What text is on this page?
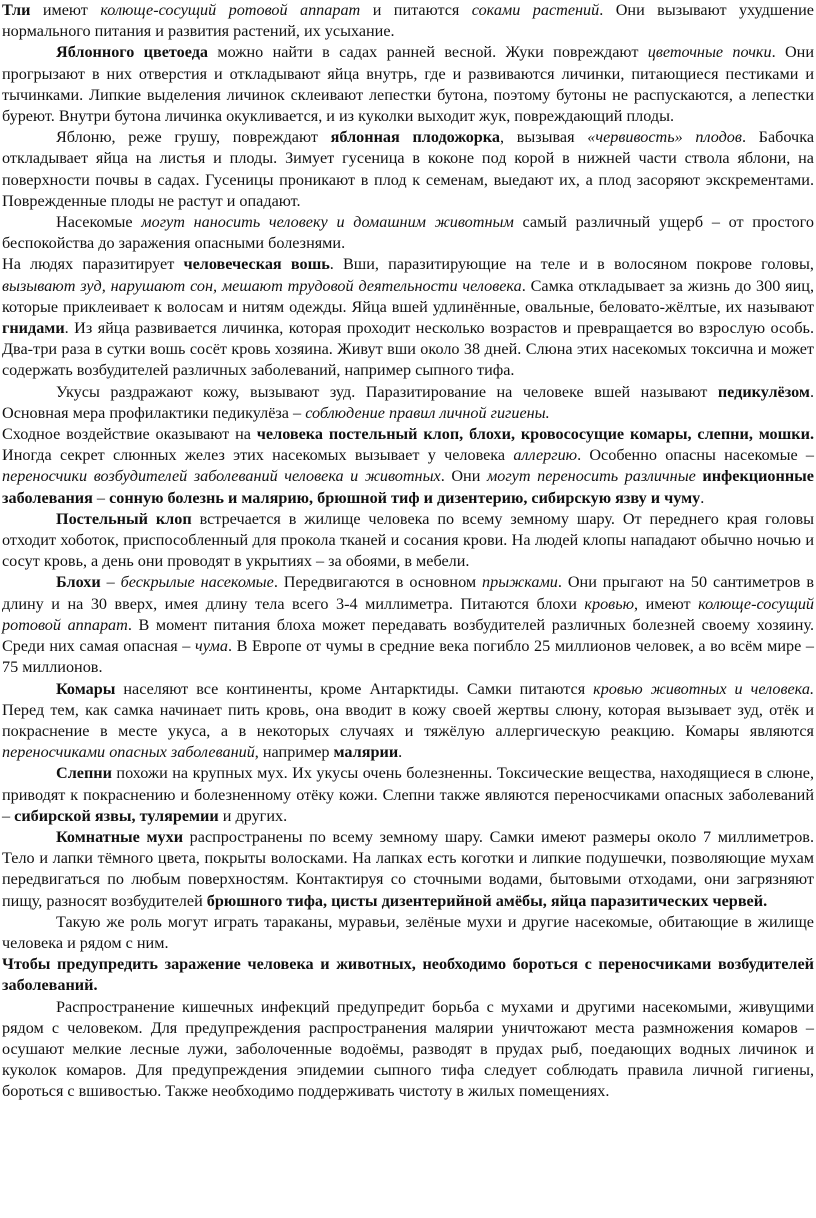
Тли имеют колюще-сосущий ротовой аппарат и питаются соками растений. Они вызывают ухудшение нормального питания и развития растений, их усыхание.

Яблонного цветоеда можно найти в садах ранней весной. Жуки повреждают цветочные почки. Они прогрызают в них отверстия и откладывают яйца внутрь, где и развиваются личинки, питающиеся пестиками и тычинками. Липкие выделения личинок склеивают лепестки бутона, поэтому бутоны не распускаются, а лепестки буреют. Внутри бутона личинка окукливается, и из куколки выходит жук, повреждающий плоды.

Яблоню, реже грушу, повреждают яблонная плодожорка, вызывая «червивость» плодов. Бабочка откладывает яйца на листья и плоды. Зимует гусеница в коконе под корой в нижней части ствола яблони, на поверхности почвы в садах. Гусеницы проникают в плод к семенам, выедают их, а плод засоряют экскрементами. Поврежденные плоды не растут и опадают.

Насекомые могут наносить человеку и домашним животным самый различный ущерб – от простого беспокойства до заражения опасными болезнями.

На людях паразитирует человеческая вошь. Вши, паразитирующие на теле и в волосяном покрове головы, вызывают зуд, нарушают сон, мешают трудовой деятельности человека. Самка откладывает за жизнь до 300 яиц, которые приклеивает к волосам и нитям одежды. Яйца вшей удлинённые, овальные, беловато-жёлтые, их называют гнидами. Из яйца развивается личинка, которая проходит несколько возрастов и превращается во взрослую особь. Два-три раза в сутки вошь сосёт кровь хозяина. Живут вши около 38 дней. Слюна этих насекомых токсична и может содержать возбудителей различных заболеваний, например сыпного тифа.

Укусы раздражают кожу, вызывают зуд. Паразитирование на человеке вшей называют педикулёзом. Основная мера профилактики педикулёза – соблюдение правил личной гигиены.

Сходное воздействие оказывают на человека постельный клоп, блохи, кровососущие комары, слепни, мошки. Иногда секрет слюнных желез этих насекомых вызывает у человека аллергию. Особенно опасны насекомые – переносчики возбудителей заболеваний человека и животных. Они могут переносить различные инфекционные заболевания – сонную болезнь и малярию, брюшной тиф и дизентерию, сибирскую язву и чуму.

Постельный клоп встречается в жилище человека по всему земному шару. От переднего края головы отходит хоботок, приспособленный для прокола тканей и сосания крови. На людей клопы нападают обычно ночью и сосут кровь, а день они проводят в укрытиях – за обоями, в мебели.

Блохи – бескрылые насекомые. Передвигаются в основном прыжками. Они прыгают на 50 сантиметров в длину и на 30 вверх, имея длину тела всего 3-4 миллиметра. Питаются блохи кровью, имеют колюще-сосущий ротовой аппарат. В момент питания блоха может передавать возбудителей различных болезней своему хозяину. Среди них самая опасная – чума. В Европе от чумы в средние века погибло 25 миллионов человек, а во всём мире – 75 миллионов.

Комары населяют все континенты, кроме Антарктиды. Самки питаются кровью животных и человека. Перед тем, как самка начинает пить кровь, она вводит в кожу своей жертвы слюну, которая вызывает зуд, отёк и покраснение в месте укуса, а в некоторых случаях и тяжёлую аллергическую реакцию. Комары являются переносчиками опасных заболеваний, например малярии.

Слепни похожи на крупных мух. Их укусы очень болезненны. Токсические вещества, находящиеся в слюне, приводят к покраснению и болезненному отёку кожи. Слепни также являются переносчиками опасных заболеваний – сибирской язвы, туляремии и других.

Комнатные мухи распространены по всему земному шару. Самки имеют размеры около 7 миллиметров. Тело и лапки тёмного цвета, покрыты волосками. На лапках есть коготки и липкие подушечки, позволяющие мухам передвигаться по любым поверхностям. Контактируя со сточными водами, бытовыми отходами, они загрязняют пищу, разносят возбудителей брюшного тифа, цисты дизентерийной амёбы, яйца паразитических червей.

Такую же роль могут играть тараканы, муравьи, зелёные мухи и другие насекомые, обитающие в жилище человека и рядом с ним.

Чтобы предупредить заражение человека и животных, необходимо бороться с переносчиками возбудителей заболеваний.

Распространение кишечных инфекций предупредит борьба с мухами и другими насекомыми, живущими рядом с человеком. Для предупреждения распространения малярии уничтожают места размножения комаров – осушают мелкие лесные лужи, заболоченные водоёмы, разводят в прудах рыб, поедающих водных личинок и куколок комаров. Для предупреждения эпидемии сыпного тифа следует соблюдать правила личной гигиены, бороться с вшивостью. Также необходимо поддерживать чистоту в жилых помещениях.
